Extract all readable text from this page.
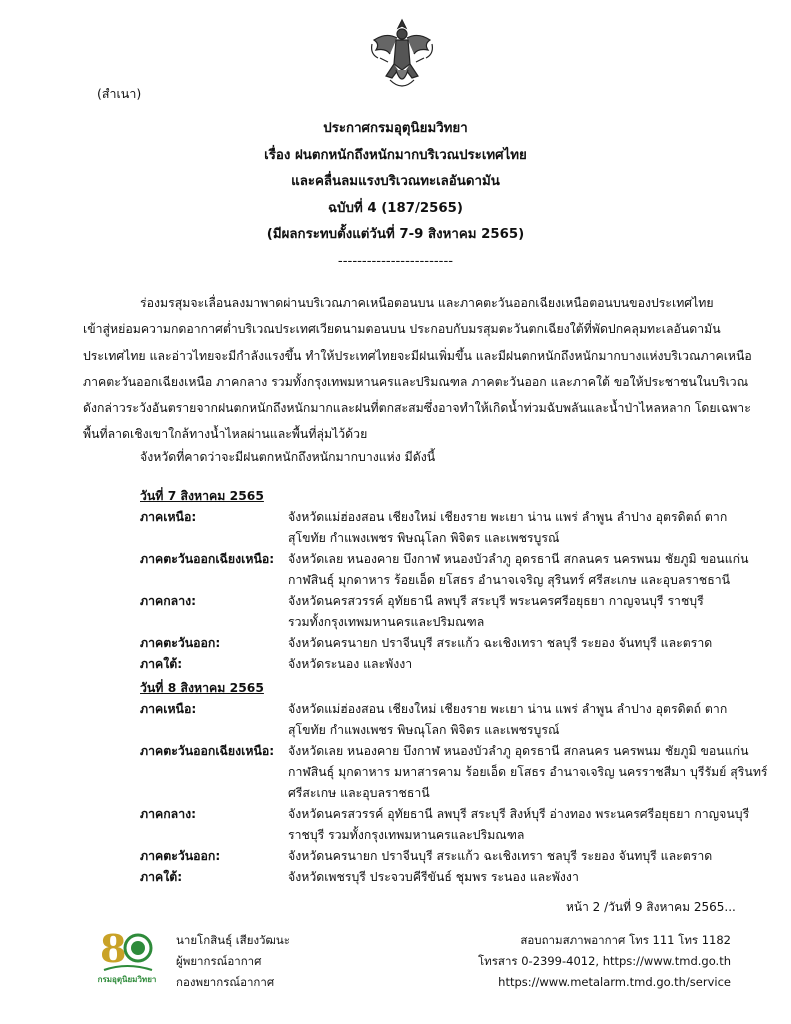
(สำเนา)
ประกาศกรมอุตุนิยมวิทยา
เรื่อง ฝนตกหนักถึงหนักมากบริเวณประเทศไทย
และคลื่นลมแรงบริเวณทะเลอันดามัน
ฉบับที่ 4 (187/2565)
(มีผลกระทบตั้งแต่วันที่ 7-9 สิงหาคม 2565)
------------------------
ร่องมรสุมจะเลื่อนลงมาพาดผ่านบริเวณภาคเหนือตอนบน และภาคตะวันออกเฉียงเหนือตอนบนของประเทศไทย
เข้าสู่หย่อมความกดอากาศต่ำบริเวณประเทศเวียดนามตอนบน ประกอบกับมรสุมตะวันตกเฉียงใต้ที่พัดปกคลุมทะเลอันดามัน
ประเทศไทย และอ่าวไทยจะมีกำลังแรงขึ้น ทำให้ประเทศไทยจะมีฝนเพิ่มขึ้น และมีฝนตกหนักถึงหนักมากบางแห่งบริเวณภาคเหนือ
ภาคตะวันออกเฉียงเหนือ ภาคกลาง รวมทั้งกรุงเทพมหานครและปริมณฑล ภาคตะวันออก และภาคใต้ ขอให้ประชาชนในบริเวณ
ดังกล่าวระวังอันตรายจากฝนตกหนักถึงหนักมากและฝนที่ตกสะสมซึ่งอาจทำให้เกิดน้ำท่วมฉับพลันและน้ำป่าไหลหลาก โดยเฉพาะ
พื้นที่ลาดเชิงเขาใกล้ทางน้ำไหลผ่านและพื้นที่ลุ่มไว้ด้วย
จังหวัดที่คาดว่าจะมีฝนตกหนักถึงหนักมากบางแห่ง มีดังนี้
วันที่ 7 สิงหาคม 2565
ภาคเหนือ:	จังหวัดแม่ฮ่องสอน เชียงใหม่ เชียงราย พะเยา น่าน แพร่ ลำพูน ลำปาง อุตรดิตถ์ ตาก
สุโขทัย กำแพงเพชร พิษณุโลก พิจิตร และเพชรบูรณ์
ภาคตะวันออกเฉียงเหนือ:	จังหวัดเลย หนองคาย บึงกาฬ หนองบัวลำภู อุดรธานี สกลนคร นครพนม ชัยภูมิ ขอนแก่น
กาฬสินธุ์ มุกดาหาร ร้อยเอ็ด ยโสธร อำนาจเจริญ สุรินทร์ ศรีสะเกษ และอุบลราชธานี
ภาคกลาง:	จังหวัดนครสวรรค์ อุทัยธานี ลพบุรี สระบุรี พระนครศรีอยุธยา กาญจนบุรี ราชบุรี
รวมทั้งกรุงเทพมหานครและปริมณฑล
ภาคตะวันออก:	จังหวัดนครนายก ปราจีนบุรี สระแก้ว ฉะเชิงเทรา ชลบุรี ระยอง จันทบุรี และตราด
ภาคใต้:	จังหวัดระนอง และพังงา
วันที่ 8 สิงหาคม 2565
ภาคเหนือ:	จังหวัดแม่ฮ่องสอน เชียงใหม่ เชียงราย พะเยา น่าน แพร่ ลำพูน ลำปาง อุตรดิตถ์ ตาก
สุโขทัย กำแพงเพชร พิษณุโลก พิจิตร และเพชรบูรณ์
ภาคตะวันออกเฉียงเหนือ:	จังหวัดเลย หนองคาย บึงกาฬ หนองบัวลำภู อุดรธานี สกลนคร นครพนม ชัยภูมิ ขอนแก่น
กาฬสินธุ์ มุกดาหาร มหาสารคาม ร้อยเอ็ด ยโสธร อำนาจเจริญ นครราชสีมา บุรีรัมย์ สุรินทร์
ศรีสะเกษ และอุบลราชธานี
ภาคกลาง:	จังหวัดนครสวรรค์ อุทัยธานี ลพบุรี สระบุรี สิงห์บุรี อ่างทอง พระนครศรีอยุธยา กาญจนบุรี
ราชบุรี รวมทั้งกรุงเทพมหานครและปริมณฑล
ภาคตะวันออก:	จังหวัดนครนายก ปราจีนบุรี สระแก้ว ฉะเชิงเทรา ชลบุรี ระยอง จันทบุรี และตราด
ภาคใต้:	จังหวัดเพชรบุรี ประจวบคีรีขันธ์ ชุมพร ระนอง และพังงา
หน้า 2 /วันที่ 9 สิงหาคม 2565...
8
กรมอุตุนิยมวิทยา
นายโกสินธุ์ เสียงวัฒนะ
ผู้พยากรณ์อากาศ
กองพยากรณ์อากาศ
สอบถามสภาพอากาศ โทร 111 โทร 1182
โทรสาร 0-2399-4012, https://www.tmd.go.th
https://www.metalarm.tmd.go.th/service
